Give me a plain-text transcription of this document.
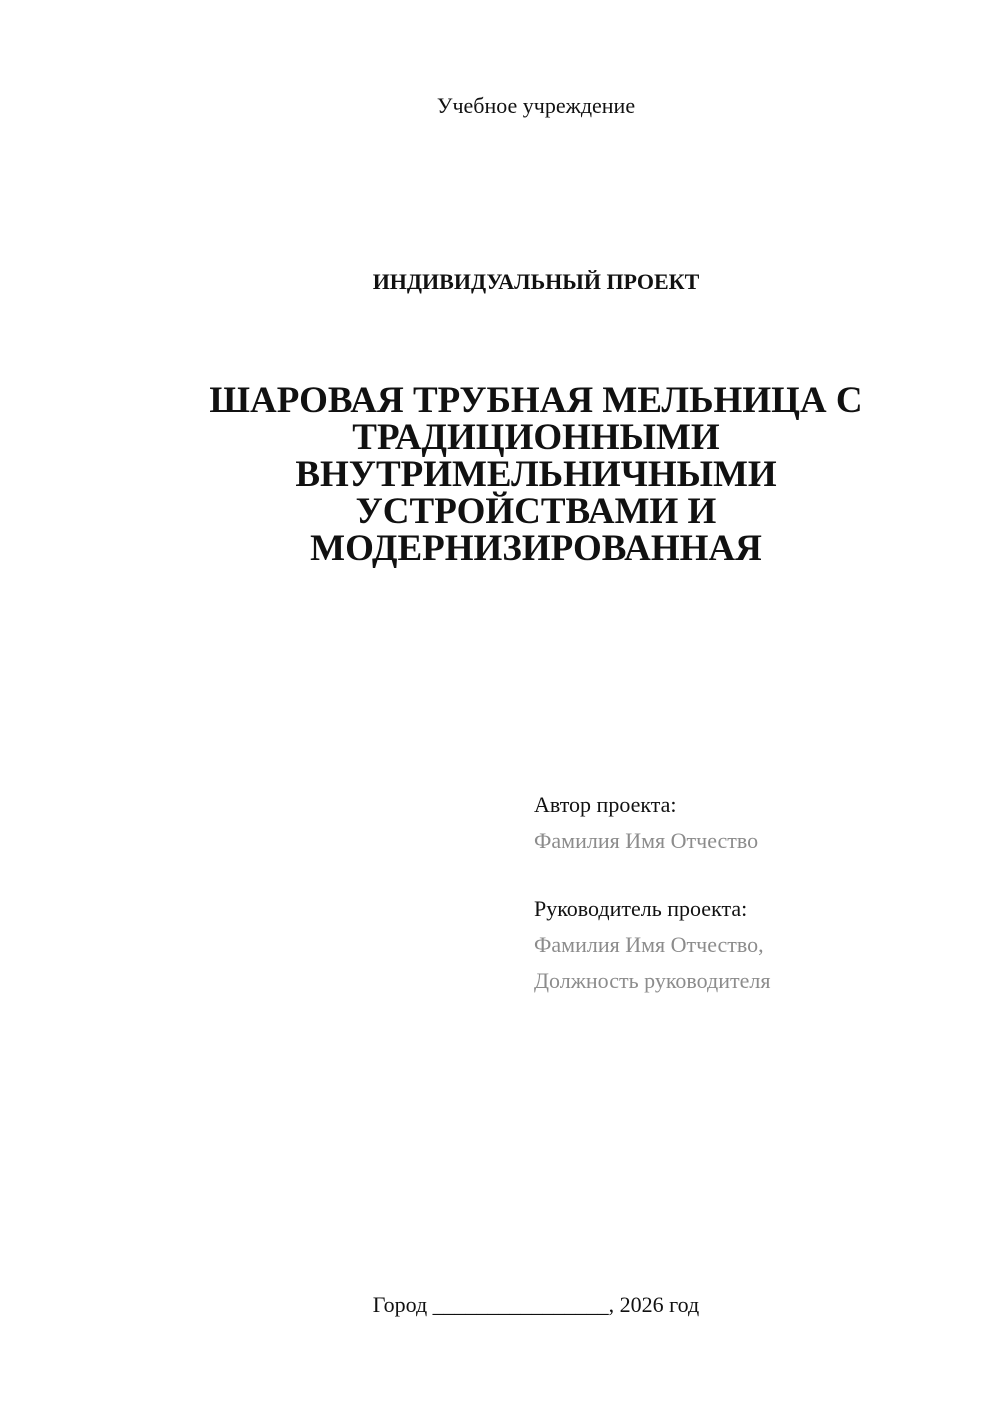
Учебное учреждение
ИНДИВИДУАЛЬНЫЙ ПРОЕКТ
ШАРОВАЯ ТРУБНАЯ МЕЛЬНИЦА С
ТРАДИЦИОННЫМИ
ВНУТРИМЕЛЬНИЧНЫМИ
УСТРОЙСТВАМИ И
МОДЕРНИЗИРОВАННАЯ
Автор проекта:
Фамилия Имя Отчество
Руководитель проекта:
Фамилия Имя Отчество,
Должность руководителя
Город ________________, 2026 год
